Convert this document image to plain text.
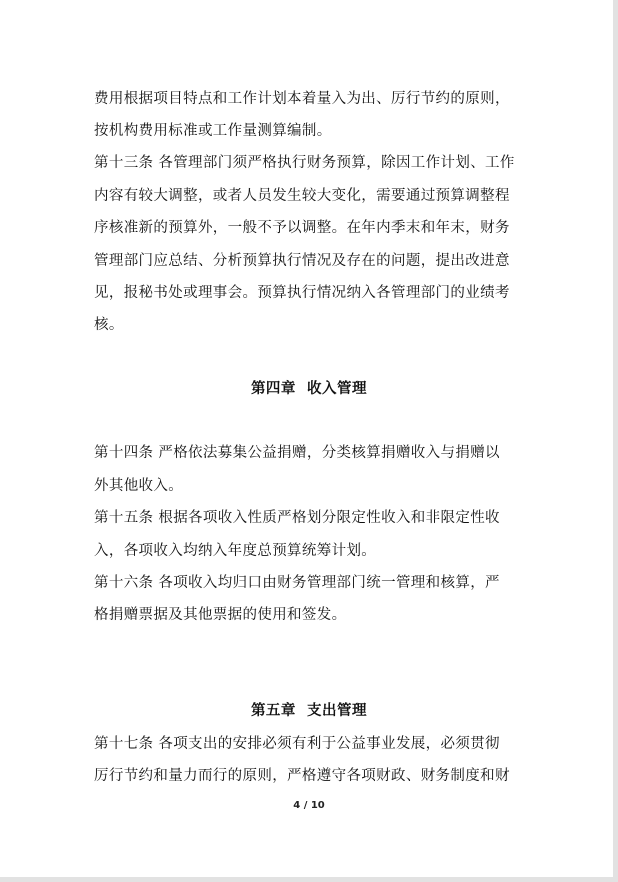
费用根据项目特点和工作计划本着量入为出、厉行节约的原则，
按机构费用标准或工作量测算编制。
第十三条 各管理部门须严格执行财务预算，除因工作计划、工作
内容有较大调整，或者人员发生较大变化，需要通过预算调整程
序核准新的预算外，一般不予以调整。在年内季末和年末，财务
管理部门应总结、分析预算执行情况及存在的问题，提出改进意
见，报秘书处或理事会。预算执行情况纳入各管理部门的业绩考
核。
第四章  收入管理
第十四条 严格依法募集公益捐赠，分类核算捐赠收入与捐赠以
外其他收入。
第十五条 根据各项收入性质严格划分限定性收入和非限定性收
入，各项收入均纳入年度总预算统筹计划。
第十六条 各项收入均归口由财务管理部门统一管理和核算，严
格捐赠票据及其他票据的使用和签发。
第五章  支出管理
第十七条 各项支出的安排必须有利于公益事业发展，必须贯彻
厉行节约和量力而行的原则，严格遵守各项财政、财务制度和财
4 / 10
